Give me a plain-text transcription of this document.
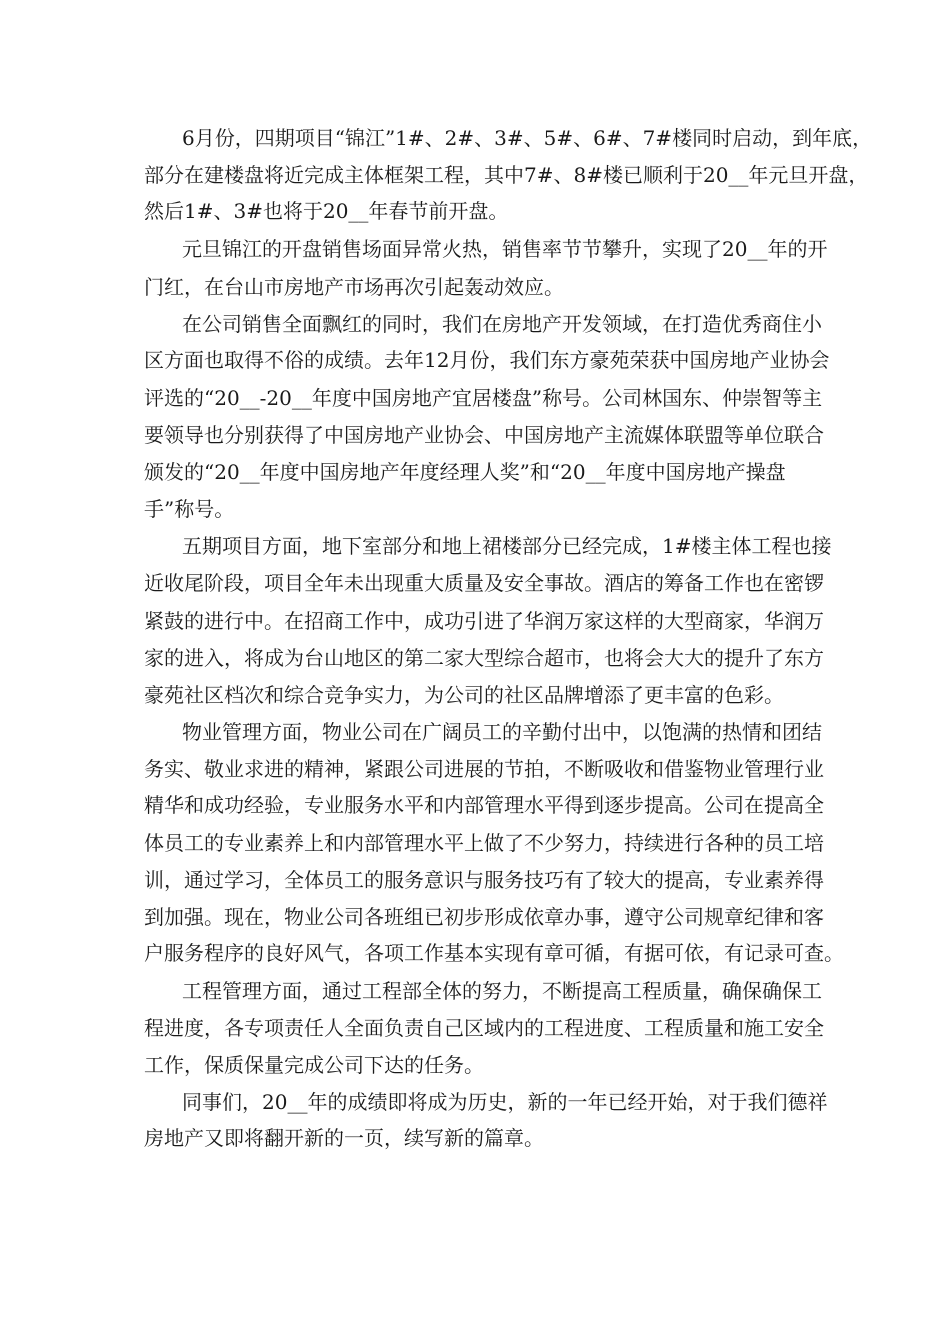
6月份，四期项目“锦江”1#、2#、3#、5#、6#、7#楼同时启动，到年底，
部分在建楼盘将近完成主体框架工程，其中7#、8#楼已顺利于20__年元旦开盘，
然后1#、3#也将于20__年春节前开盘。
元旦锦江的开盘销售场面异常火热，销售率节节攀升，实现了20__年的开
门红，在台山市房地产市场再次引起轰动效应。
在公司销售全面飘红的同时，我们在房地产开发领域，在打造优秀商住小
区方面也取得不俗的成绩。去年12月份，我们东方豪苑荣获中国房地产业协会
评选的“20__-20__年度中国房地产宜居楼盘”称号。公司林国东、仲崇智等主
要领导也分别获得了中国房地产业协会、中国房地产主流媒体联盟等单位联合
颁发的“20__年度中国房地产年度经理人奖”和“20__年度中国房地产操盘
手”称号。
五期项目方面，地下室部分和地上裙楼部分已经完成，1#楼主体工程也接
近收尾阶段，项目全年未出现重大质量及安全事故。酒店的筹备工作也在密锣
紧鼓的进行中。在招商工作中，成功引进了华润万家这样的大型商家，华润万
家的进入，将成为台山地区的第二家大型综合超市，也将会大大的提升了东方
豪苑社区档次和综合竞争实力，为公司的社区品牌增添了更丰富的色彩。
物业管理方面，物业公司在广阔员工的辛勤付出中，以饱满的热情和团结
务实、敬业求进的精神，紧跟公司进展的节拍，不断吸收和借鉴物业管理行业
精华和成功经验，专业服务水平和内部管理水平得到逐步提高。公司在提高全
体员工的专业素养上和内部管理水平上做了不少努力，持续进行各种的员工培
训，通过学习，全体员工的服务意识与服务技巧有了较大的提高，专业素养得
到加强。现在，物业公司各班组已初步形成依章办事，遵守公司规章纪律和客
户服务程序的良好风气，各项工作基本实现有章可循，有据可依，有记录可查。
工程管理方面，通过工程部全体的努力，不断提高工程质量，确保确保工
程进度，各专项责任人全面负责自己区域内的工程进度、工程质量和施工安全
工作，保质保量完成公司下达的任务。
同事们，20__年的成绩即将成为历史，新的一年已经开始，对于我们德祥
房地产又即将翻开新的一页，续写新的篇章。
